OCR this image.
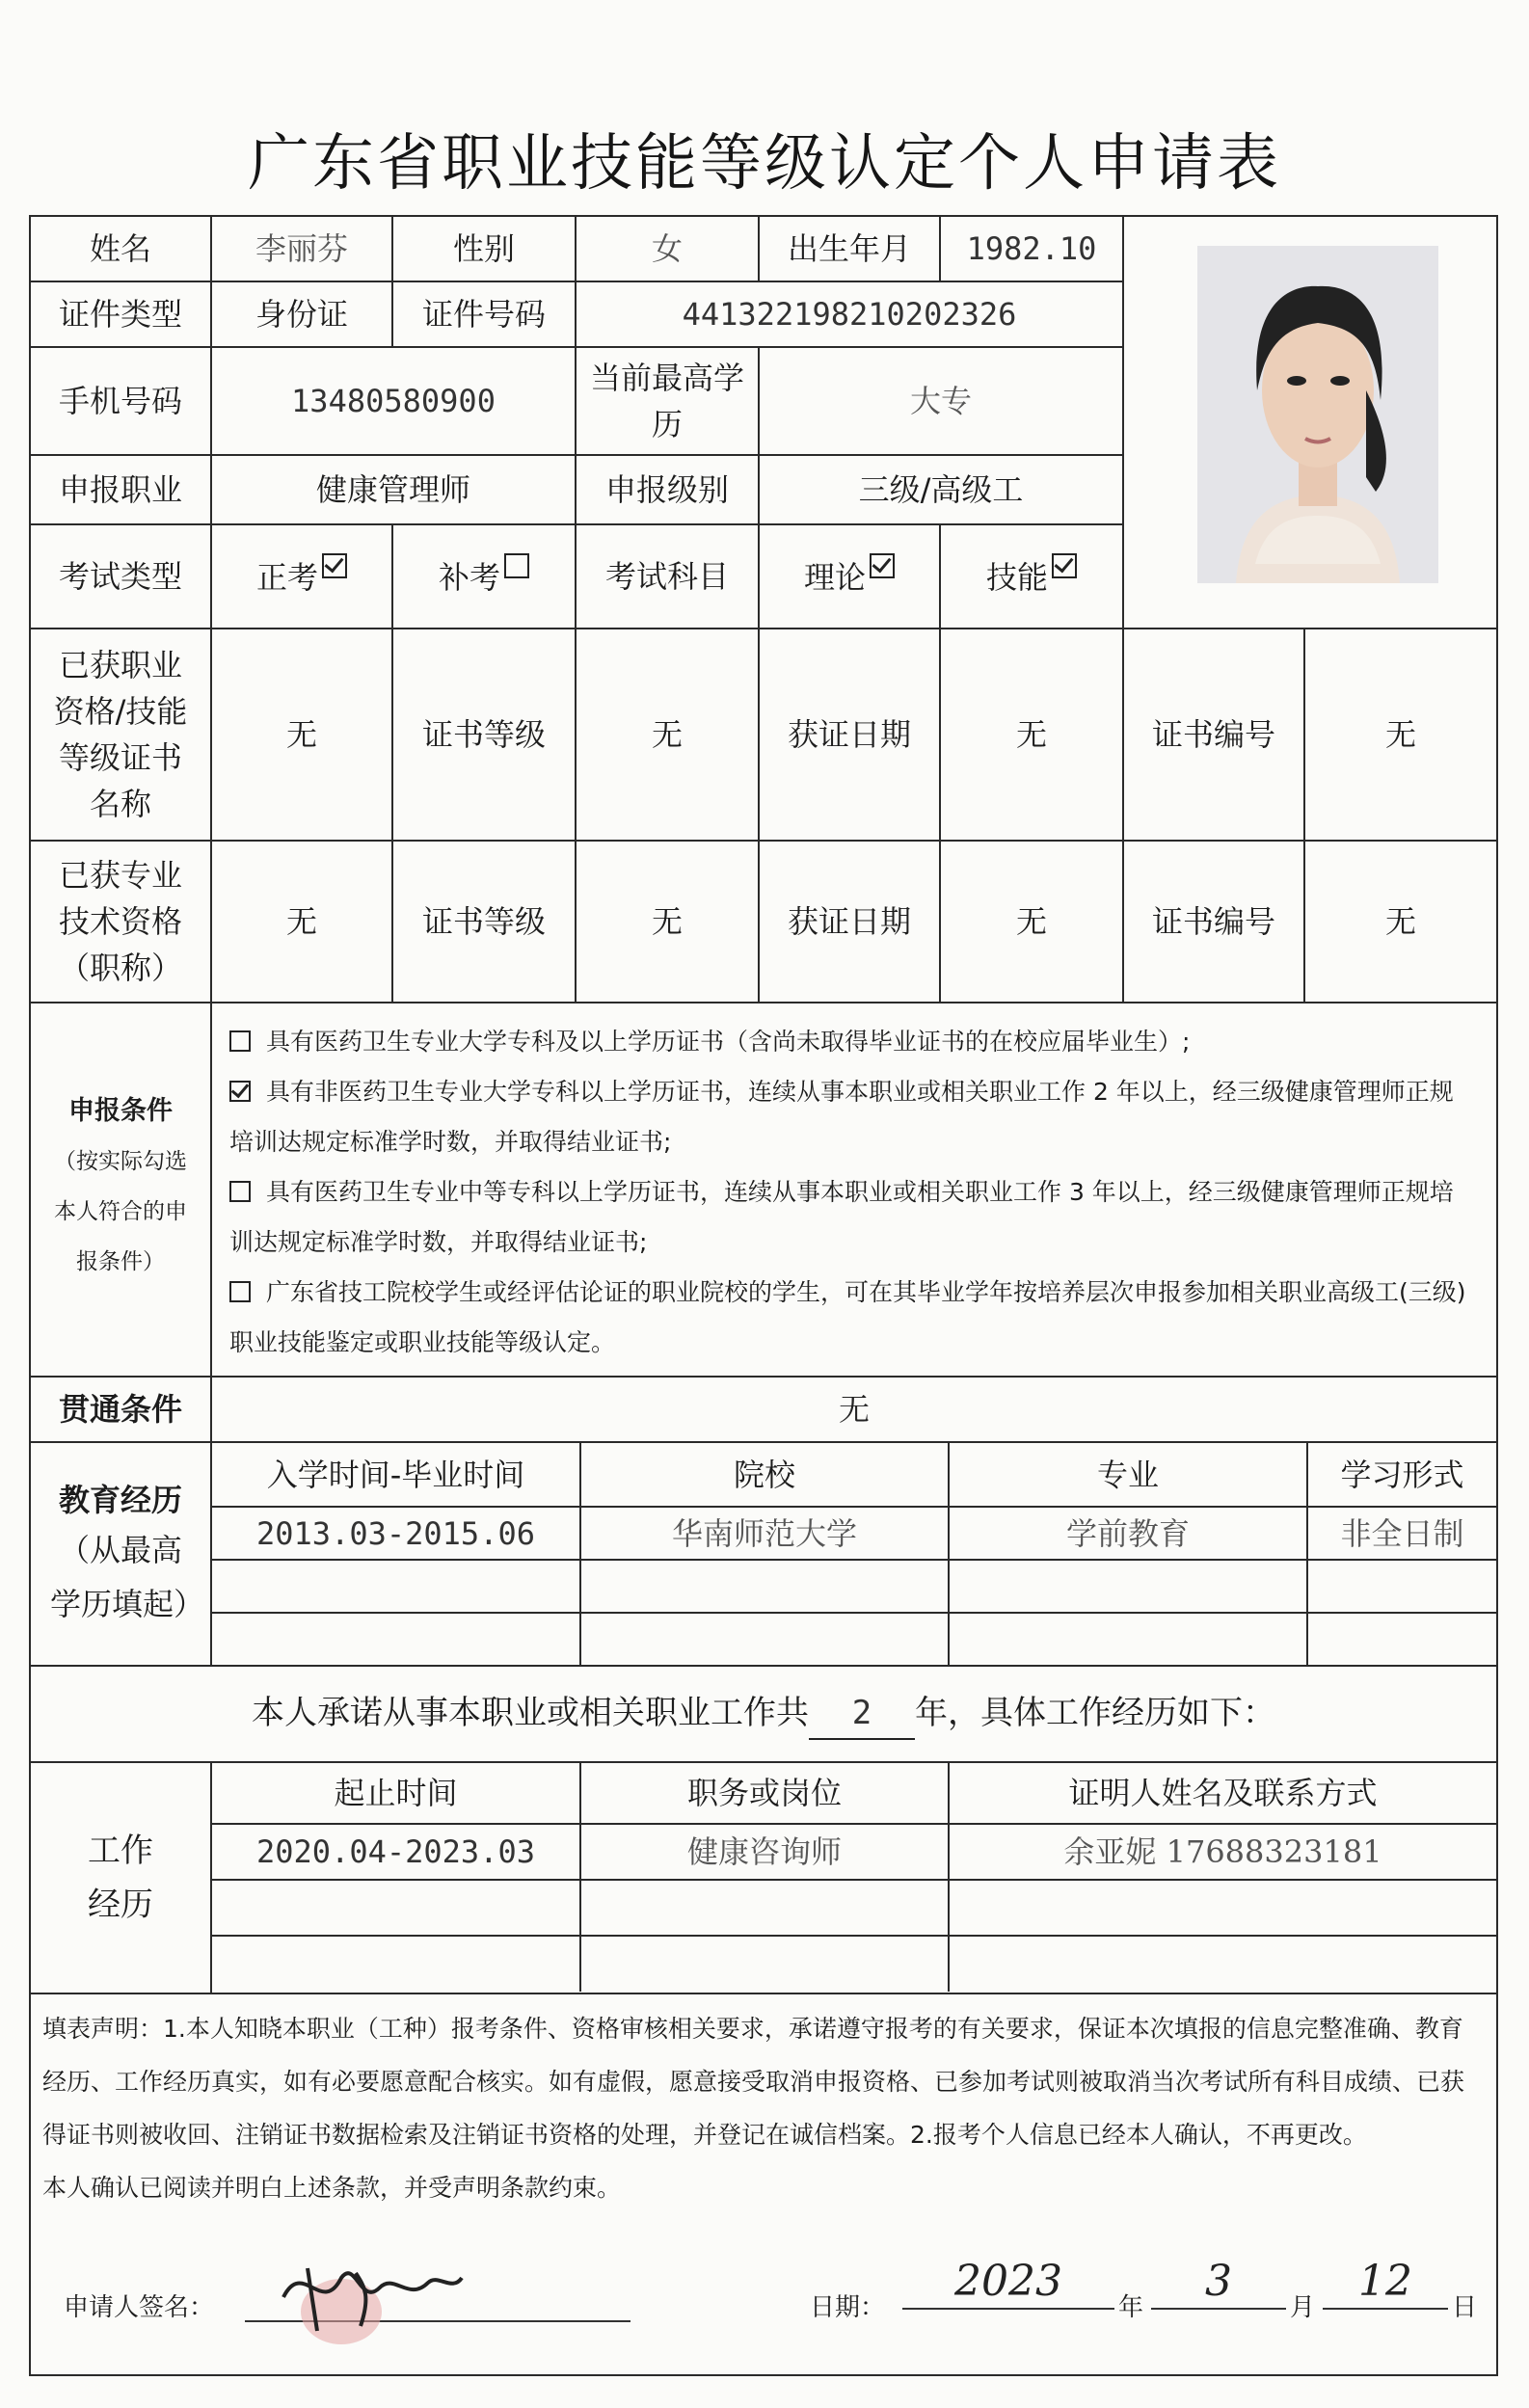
广东省职业技能等级认定个人申请表
姓名	李丽芬	性别	女	出生年月	1982.10	

证件类型	身份证	证件号码	441322198210202326
手机号码	13480580900	当前最高学历	大专
申报职业	健康管理师	申报级别	三级/高级工
考试类型	正考	补考	考试科目	理论	技能
已获职业资格/技能等级证书名称	无	证书等级	无	获证日期	无	证书编号	无
已获专业技术资格（职称）	无	证书等级	无	获证日期	无	证书编号	无

申报条件
（按实际勾选本人符合的申报条件）

具有医药卫生专业大学专科及以上学历证书（含尚未取得毕业证书的在校应届毕业生）;

具有非医药卫生专业大学专科以上学历证书，连续从事本职业或相关职业工作 2 年以上，经三级健康管理师正规培训达规定标准学时数，并取得结业证书;

具有医药卫生专业中等专科以上学历证书，连续从事本职业或相关职业工作 3 年以上，经三级健康管理师正规培训达规定标准学时数，并取得结业证书;

广东省技工院校学生或经评估论证的职业院校的学生，可在其毕业学年按培养层次申报参加相关职业高级工(三级)职业技能鉴定或职业技能等级认定。

贯通条件	无

教育经历
（从最高学历填起）

入学时间-毕业时间	院校	专业	学习形式
2013.03-2015.06	华南师范大学	学前教育	非全日制

本人承诺从事本职业或相关职业工作共 2 年，具体工作经历如下：

工作经历

起止时间	职务或岗位	证明人姓名及联系方式
2020.04-2023.03	健康咨询师	余亚妮 17688323181

填表声明：1.本人知晓本职业（工种）报考条件、资格审核相关要求，承诺遵守报考的有关要求，保证本次填报的信息完整准确、教育经历、工作经历真实，如有必要愿意配合核实。如有虚假，愿意接受取消申报资格、已参加考试则被取消当次考试所有科目成绩、已获得证书则被收回、注销证书数据检索及注销证书资格的处理，并登记在诚信档案。2.报考个人信息已经本人确认，不再更改。
本人确认已阅读并明白上述条款，并受声明条款约束。
申请人签名：	日期：
2023
年
3
月
12
日
